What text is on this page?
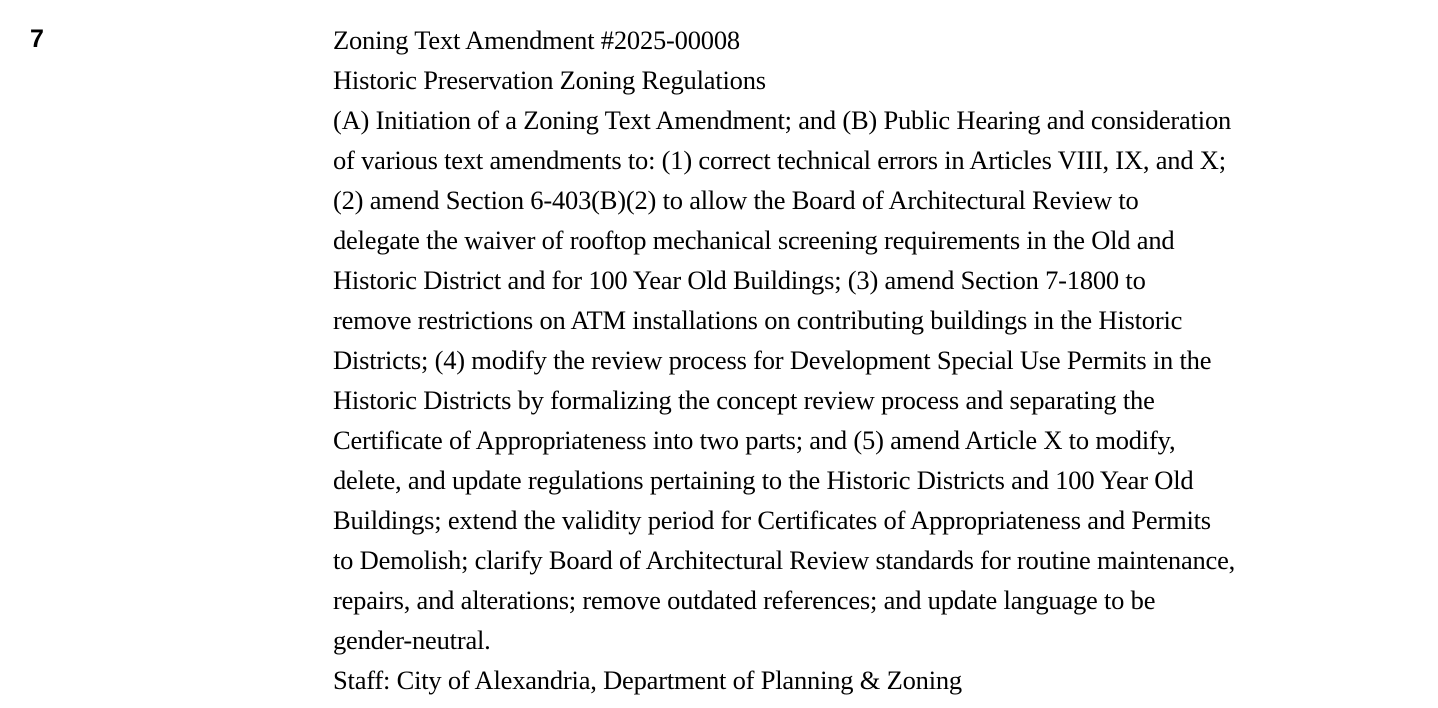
7	Zoning Text Amendment #2025-00008
Historic Preservation Zoning Regulations
(A) Initiation of a Zoning Text Amendment; and (B) Public Hearing and consideration
of various text amendments to: (1) correct technical errors in Articles VIII, IX, and X;
(2) amend Section 6-403(B)(2) to allow the Board of Architectural Review to
delegate the waiver of rooftop mechanical screening requirements in the Old and
Historic District and for 100 Year Old Buildings; (3) amend Section 7-1800 to
remove restrictions on ATM installations on contributing buildings in the Historic
Districts; (4) modify the review process for Development Special Use Permits in the
Historic Districts by formalizing the concept review process and separating the
Certificate of Appropriateness into two parts; and (5) amend Article X to modify,
delete, and update regulations pertaining to the Historic Districts and 100 Year Old
Buildings; extend the validity period for Certificates of Appropriateness and Permits
to Demolish; clarify Board of Architectural Review standards for routine maintenance,
repairs, and alterations; remove outdated references; and update language to be
gender-neutral.
Staff: City of Alexandria, Department of Planning & Zoning
